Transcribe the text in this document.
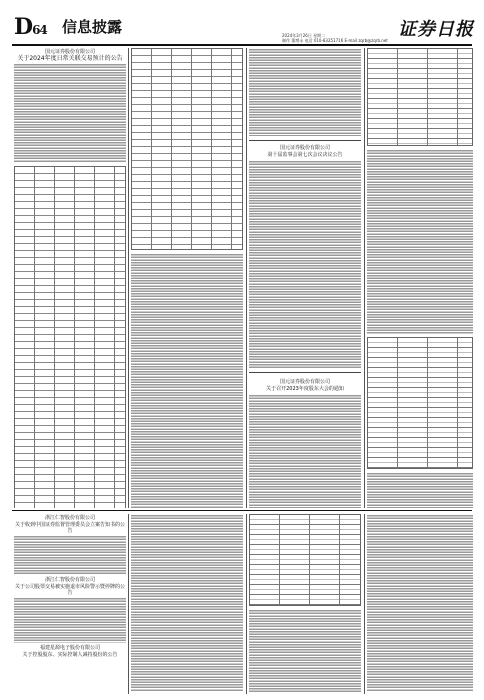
D64 信息披露	2024年3月26日 星期二
制作 董增永 电话 010-83251716 E-mail zqrb@zqrb.net
证券日报
国元证券股份有限公司
关于2024年度日常关联交易预计的公告
国元证券股份有限公司
第十届监事会第七次会议决议公告
国元证券股份有限公司
关于召开2023年度股东大会的通知
浙江仁智股份有限公司
关于收到中国证券监督管理委员会立案告知书的公告
浙江仁智股份有限公司
关于公司股票交易被实施退市风险警示暨停牌的公告
福建星源电子股份有限公司
关于控股股东、实际控制人减持股份的公告
